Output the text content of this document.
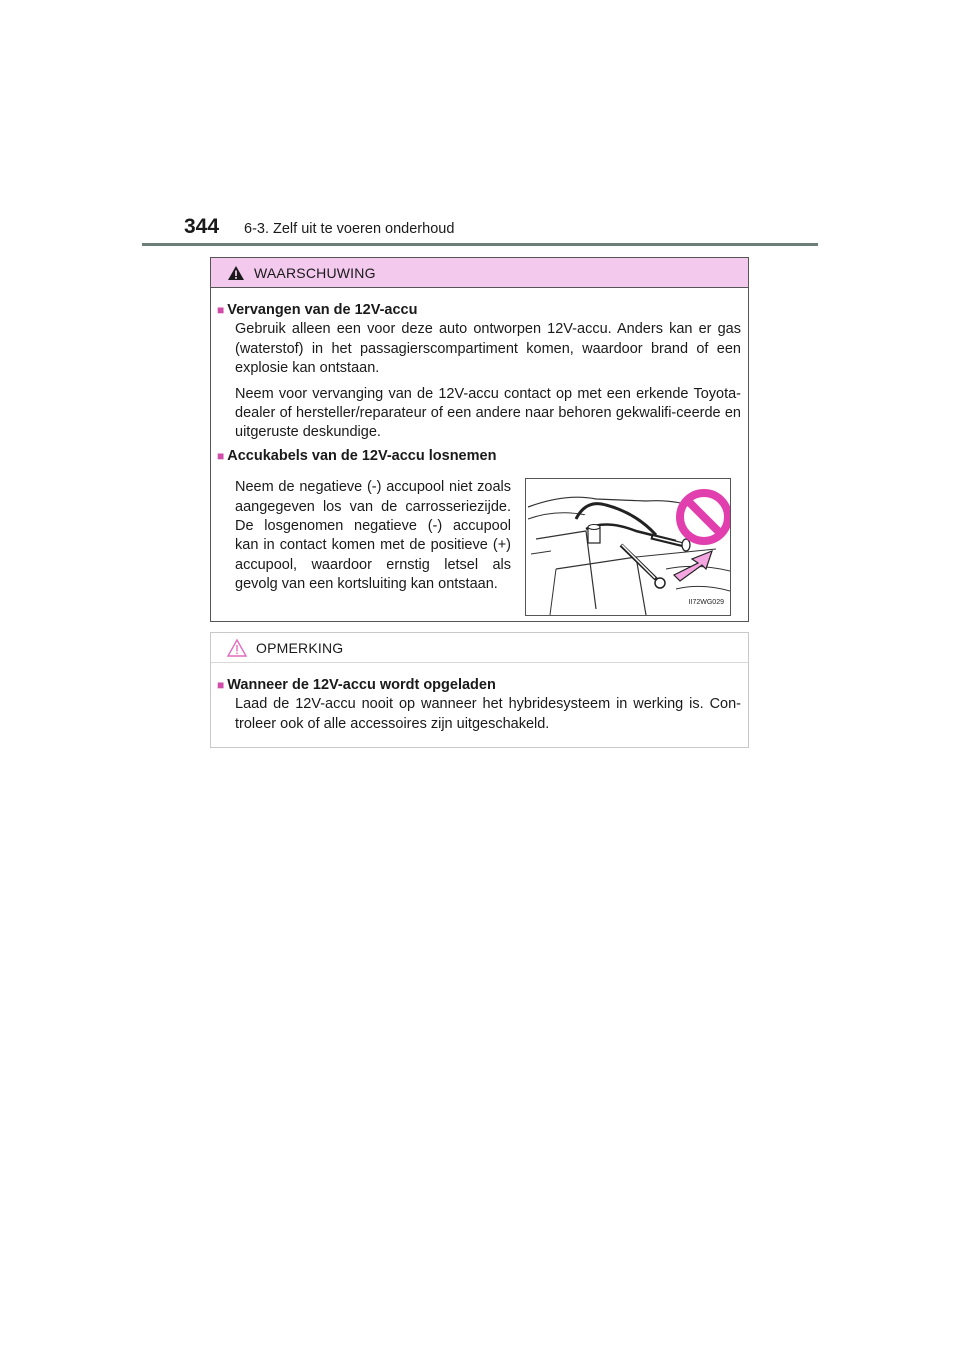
344 6-3. Zelf uit te voeren onderhoud
WAARSCHUWING
■ Vervangen van de 12V-accu

Gebruik alleen een voor deze auto ontworpen 12V-accu. Anders kan er gas (waterstof) in het passagierscompartiment komen, waardoor brand of een explosie kan ontstaan.

Neem voor vervanging van de 12V-accu contact op met een erkende Toyota-dealer of hersteller/reparateur of een andere naar behoren gekwalifi-ceerde en uitgeruste deskundige.

■ Accukabels van de 12V-accu losnemen

Neem de negatieve (-) accupool niet zoals aangegeven los van de carrosseriezijde. De losgenomen negatieve (-) accupool kan in contact komen met de positieve (+) accupool, waardoor ernstig letsel als gevolg van een kortsluiting kan ontstaan.

II72WG029
OPMERKING
■ Wanneer de 12V-accu wordt opgeladen

Laad de 12V-accu nooit op wanneer het hybridesysteem in werking is. Con-troleer ook of alle accessoires zijn uitgeschakeld.
